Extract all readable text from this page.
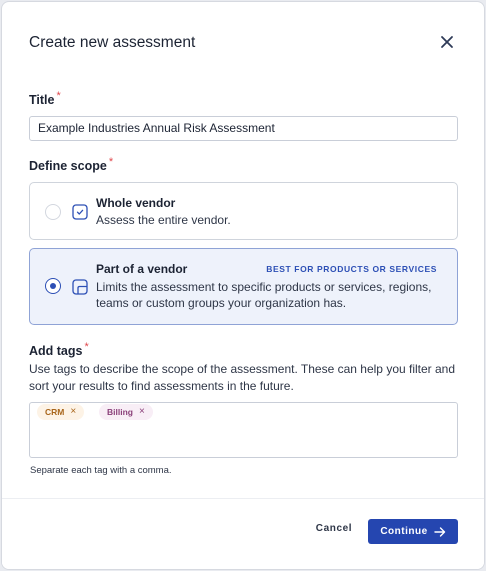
Create new assessment
Title *
Example Industries Annual Risk Assessment
Define scope *
Whole vendor
Assess the entire vendor.
Part of a vendor	BEST FOR PRODUCTS OR SERVICES
Limits the assessment to specific products or services, regions, teams or custom groups your organization has.
Add tags *
Use tags to describe the scope of the assessment. These can help you filter and sort your results to find assessments in the future.
CRM ×	Billing ×
Separate each tag with a comma.
Cancel	Continue
